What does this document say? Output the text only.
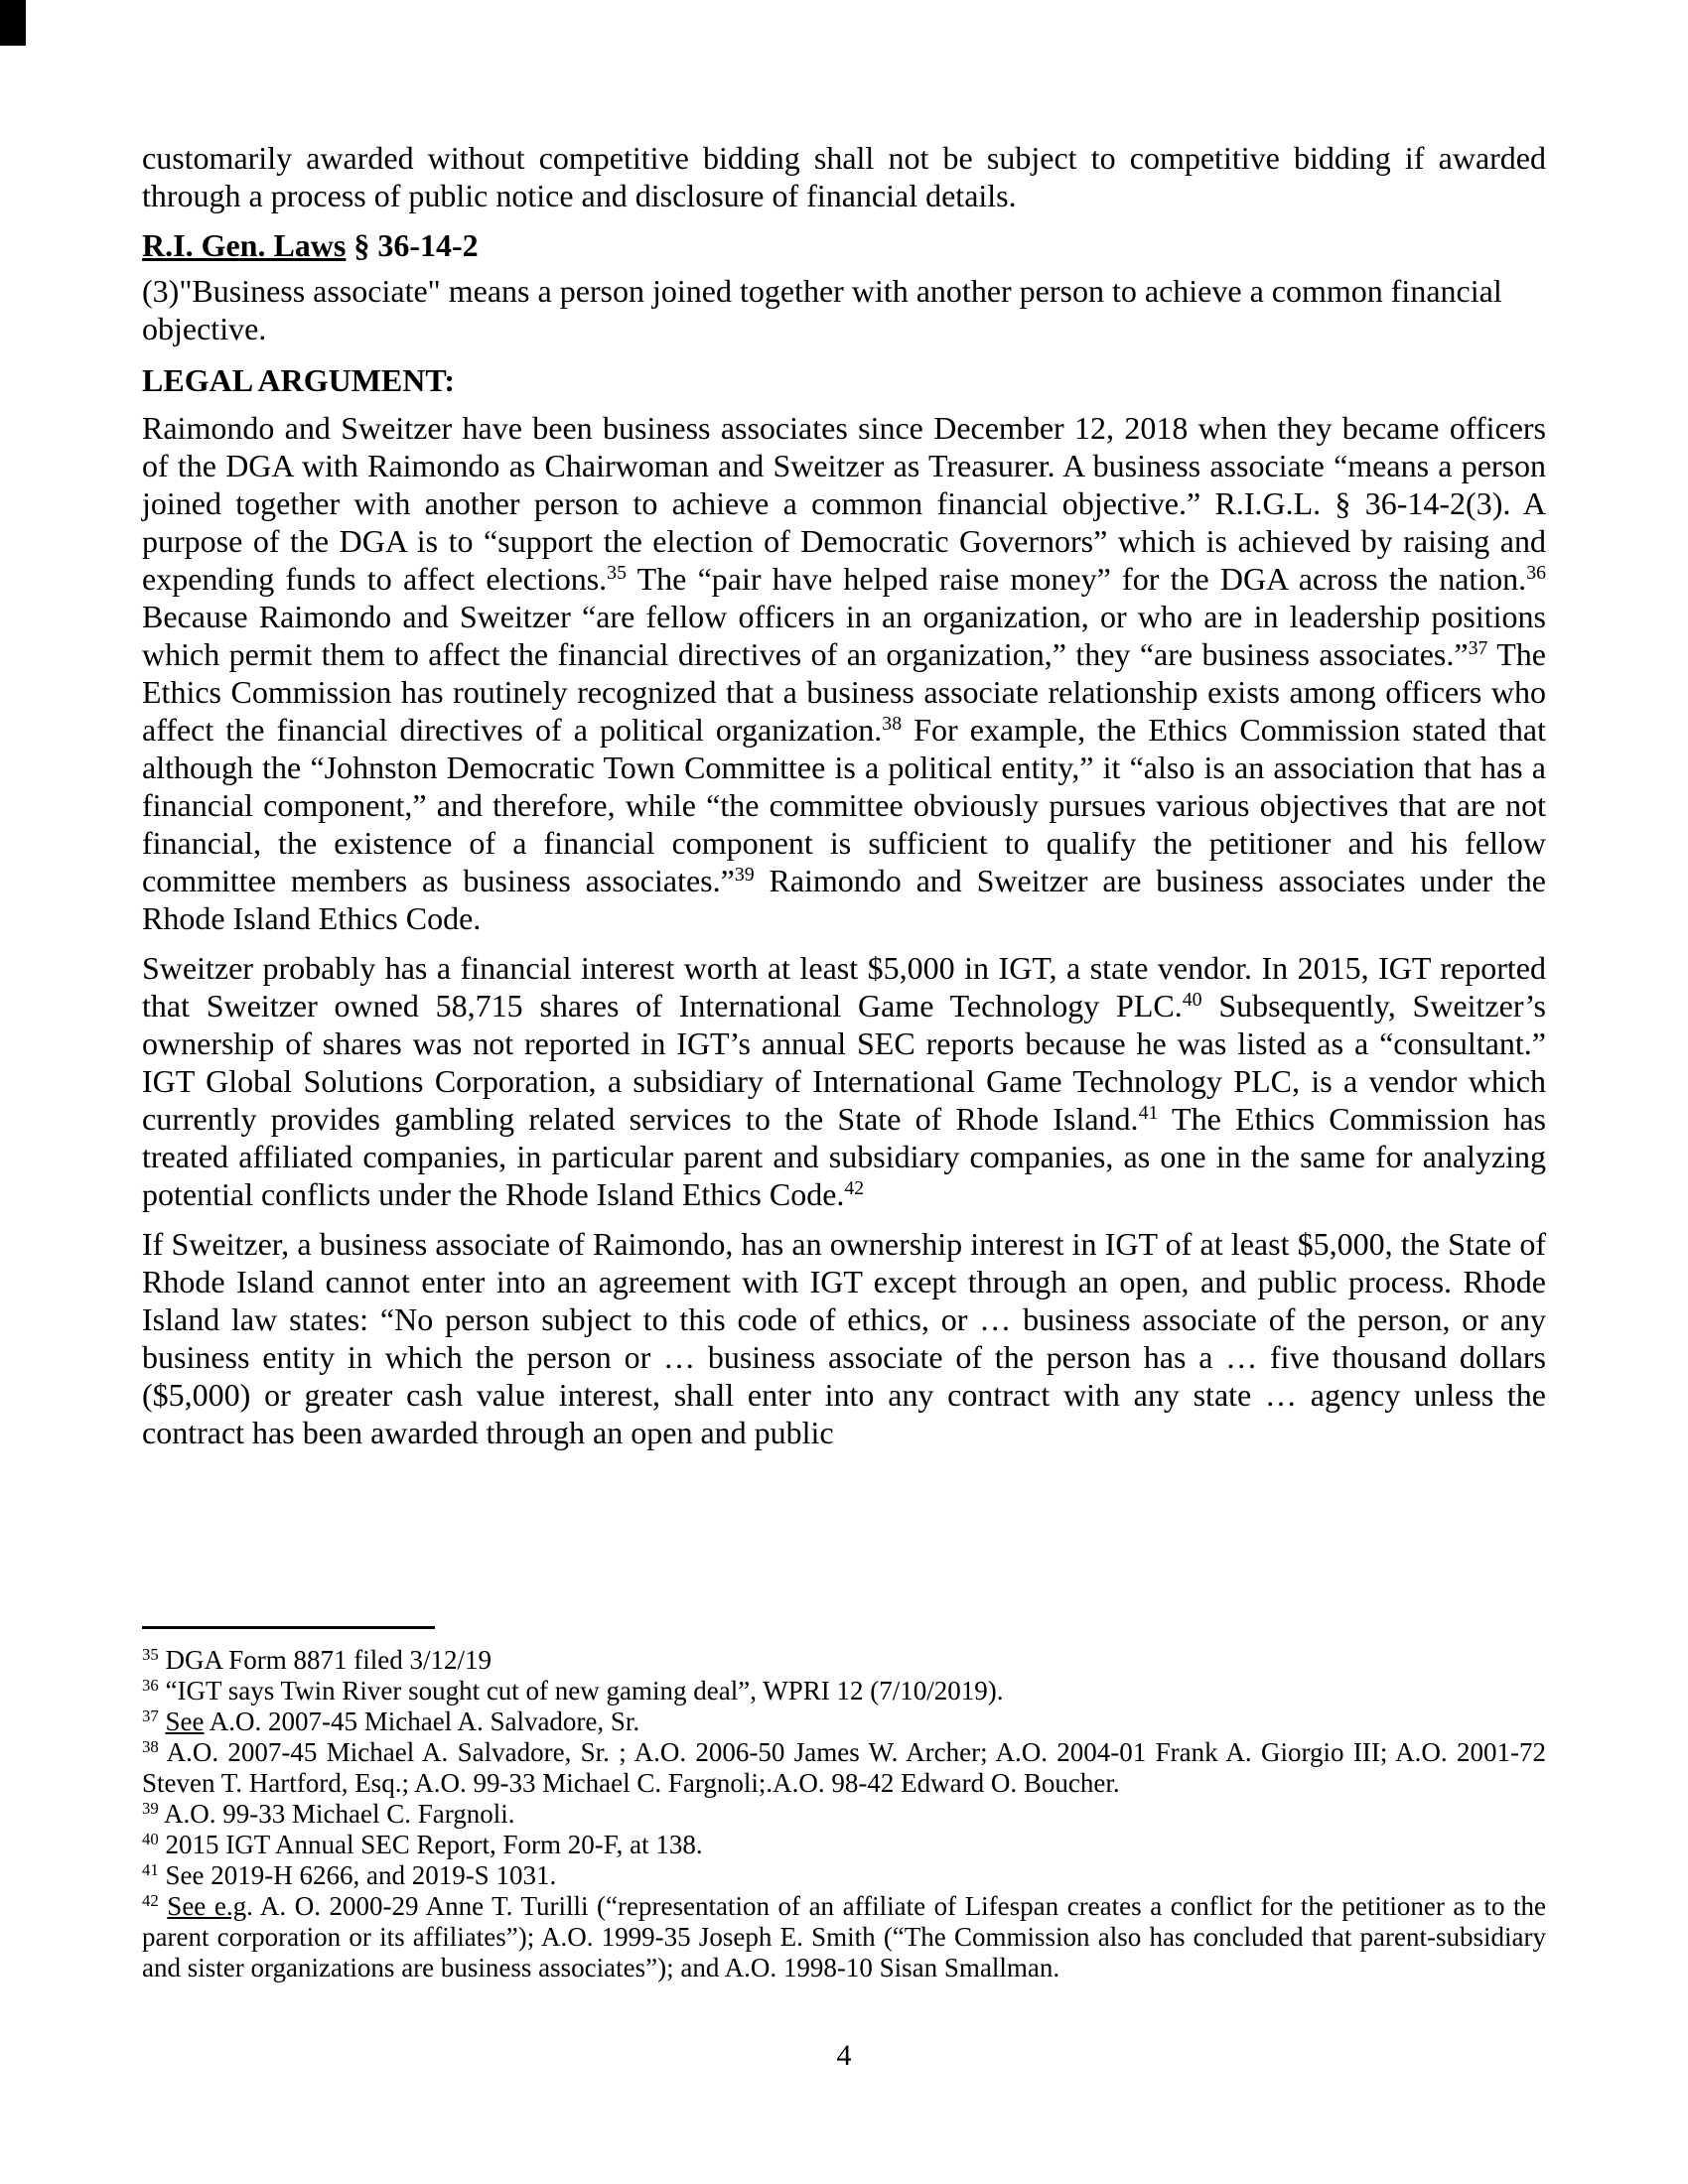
customarily awarded without competitive bidding shall not be subject to competitive bidding if awarded through a process of public notice and disclosure of financial details.

R.I. Gen. Laws § 36-14-2

(3)"Business associate" means a person joined together with another person to achieve a common financial objective.

LEGAL ARGUMENT:

Raimondo and Sweitzer have been business associates since December 12, 2018 when they became officers of the DGA with Raimondo as Chairwoman and Sweitzer as Treasurer. A business associate “means a person joined together with another person to achieve a common financial objective.” R.I.G.L. § 36-14-2(3). A purpose of the DGA is to “support the election of Democratic Governors” which is achieved by raising and expending funds to affect elections.$^{35}$ The “pair have helped raise money” for the DGA across the nation.$^{36}$ Because Raimondo and Sweitzer “are fellow officers in an organization, or who are in leadership positions which permit them to affect the financial directives of an organization,” they “are business associates.”$^{37}$ The Ethics Commission has routinely recognized that a business associate relationship exists among officers who affect the financial directives of a political organization.$^{38}$ For example, the Ethics Commission stated that although the “Johnston Democratic Town Committee is a political entity,” it “also is an association that has a financial component,” and therefore, while “the committee obviously pursues various objectives that are not financial, the existence of a financial component is sufficient to qualify the petitioner and his fellow committee members as business associates.”$^{39}$ Raimondo and Sweitzer are business associates under the Rhode Island Ethics Code.

Sweitzer probably has a financial interest worth at least $5,000 in IGT, a state vendor. In 2015, IGT reported that Sweitzer owned 58,715 shares of International Game Technology PLC.$^{40}$ Subsequently, Sweitzer’s ownership of shares was not reported in IGT’s annual SEC reports because he was listed as a “consultant.” IGT Global Solutions Corporation, a subsidiary of International Game Technology PLC, is a vendor which currently provides gambling related services to the State of Rhode Island.$^{41}$ The Ethics Commission has treated affiliated companies, in particular parent and subsidiary companies, as one in the same for analyzing potential conflicts under the Rhode Island Ethics Code.$^{42}$

If Sweitzer, a business associate of Raimondo, has an ownership interest in IGT of at least $5,000, the State of Rhode Island cannot enter into an agreement with IGT except through an open, and public process. Rhode Island law states: “No person subject to this code of ethics, or … business associate of the person, or any business entity in which the person or … business associate of the person has a … five thousand dollars ($5,000) or greater cash value interest, shall enter into any contract with any state … agency unless the contract has been awarded through an open and public

$^{35}$ DGA Form 8871 filed 3/12/19
$^{36}$ “IGT says Twin River sought cut of new gaming deal”, WPRI 12 (7/10/2019).
$^{37}$ See A.O. 2007-45 Michael A. Salvadore, Sr.
$^{38}$ A.O. 2007-45 Michael A. Salvadore, Sr. ; A.O. 2006-50 James W. Archer; A.O. 2004-01 Frank A. Giorgio III; A.O. 2001-72 Steven T. Hartford, Esq.; A.O. 99-33 Michael C. Fargnoli;.A.O. 98-42 Edward O. Boucher.
$^{39}$ A.O. 99-33 Michael C. Fargnoli.
$^{40}$ 2015 IGT Annual SEC Report, Form 20-F, at 138.
$^{41}$ See 2019-H 6266, and 2019-S 1031.
$^{42}$ See e.g. A. O. 2000-29 Anne T. Turilli (“representation of an affiliate of Lifespan creates a conflict for the petitioner as to the parent corporation or its affiliates”); A.O. 1999-35 Joseph E. Smith (“The Commission also has concluded that parent-subsidiary and sister organizations are business associates”); and A.O. 1998-10 Sisan Smallman.
4
